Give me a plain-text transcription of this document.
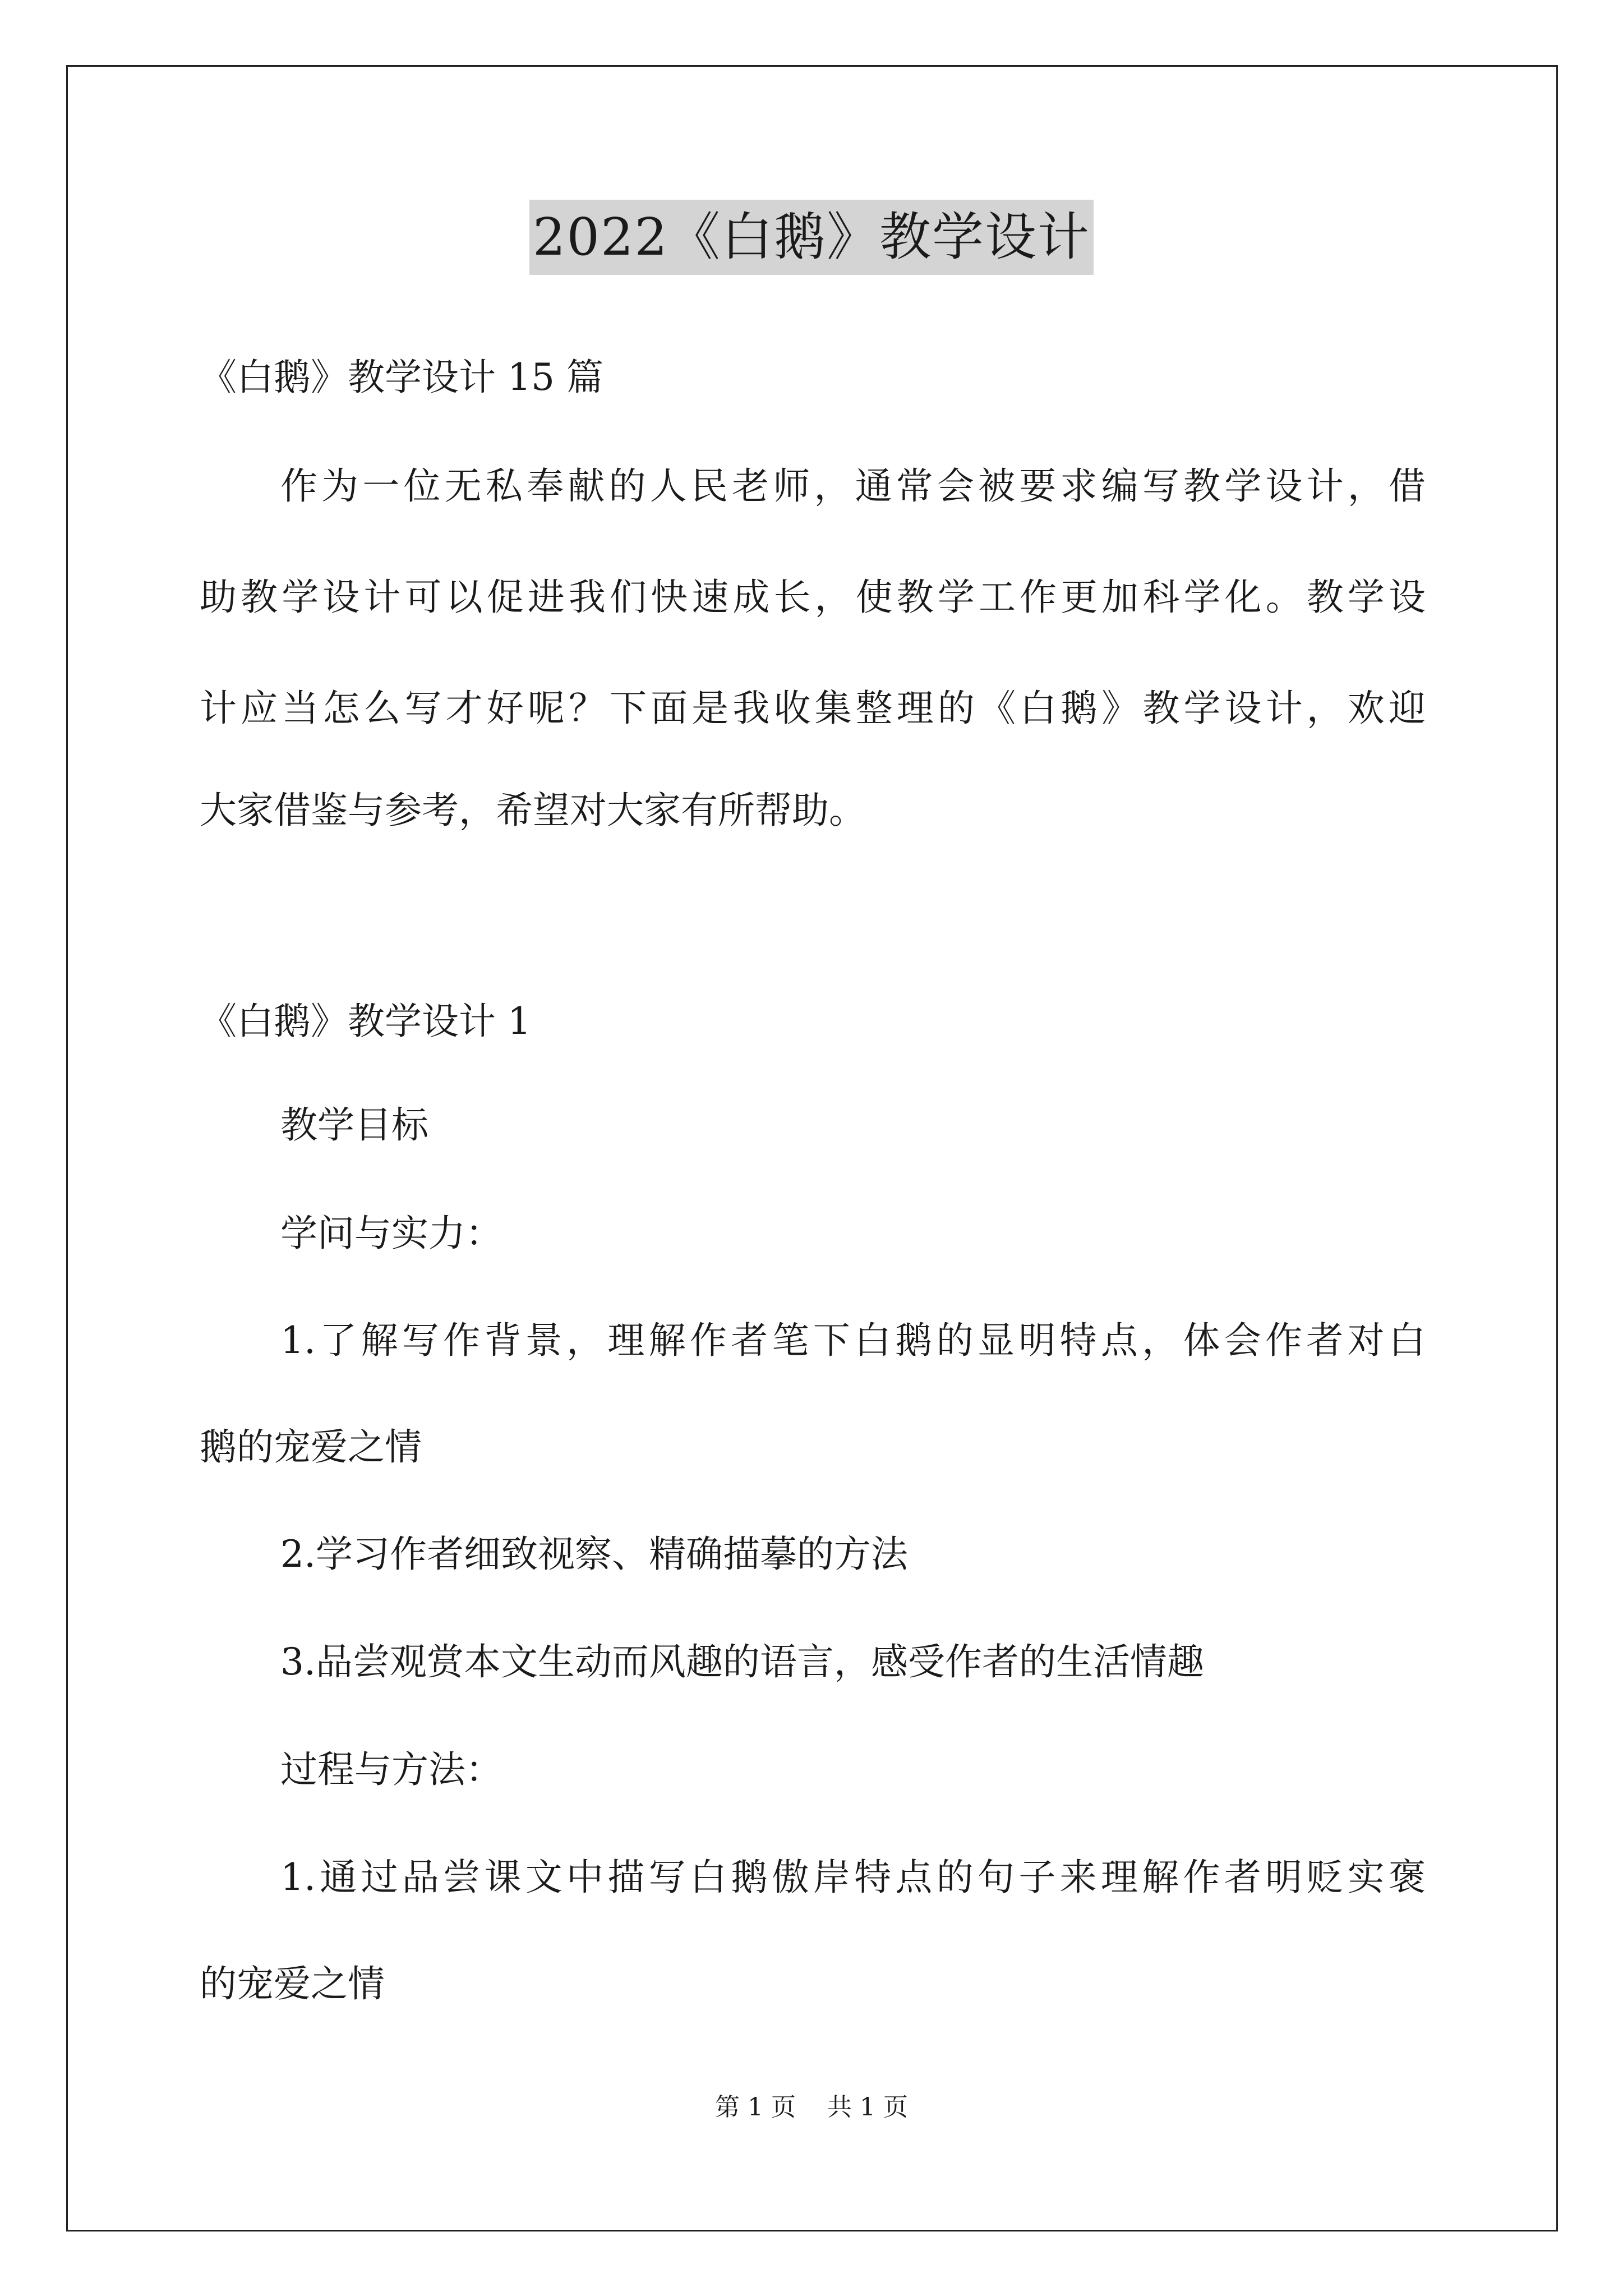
2022《白鹅》教学设计
《白鹅》教学设计 15 篇
作为一位无私奉献的人民老师，通常会被要求编写教学设计，借
助教学设计可以促进我们快速成长，使教学工作更加科学化。教学设
计应当怎么写才好呢？下面是我收集整理的《白鹅》教学设计，欢迎
大家借鉴与参考，希望对大家有所帮助。
《白鹅》教学设计 1
教学目标
学问与实力：
1.了解写作背景，理解作者笔下白鹅的显明特点，体会作者对白
鹅的宠爱之情
2.学习作者细致视察、精确描摹的方法
3.品尝观赏本文生动而风趣的语言，感受作者的生活情趣
过程与方法：
1.通过品尝课文中描写白鹅傲岸特点的句子来理解作者明贬实褒
的宠爱之情
第 1 页 共 1 页
